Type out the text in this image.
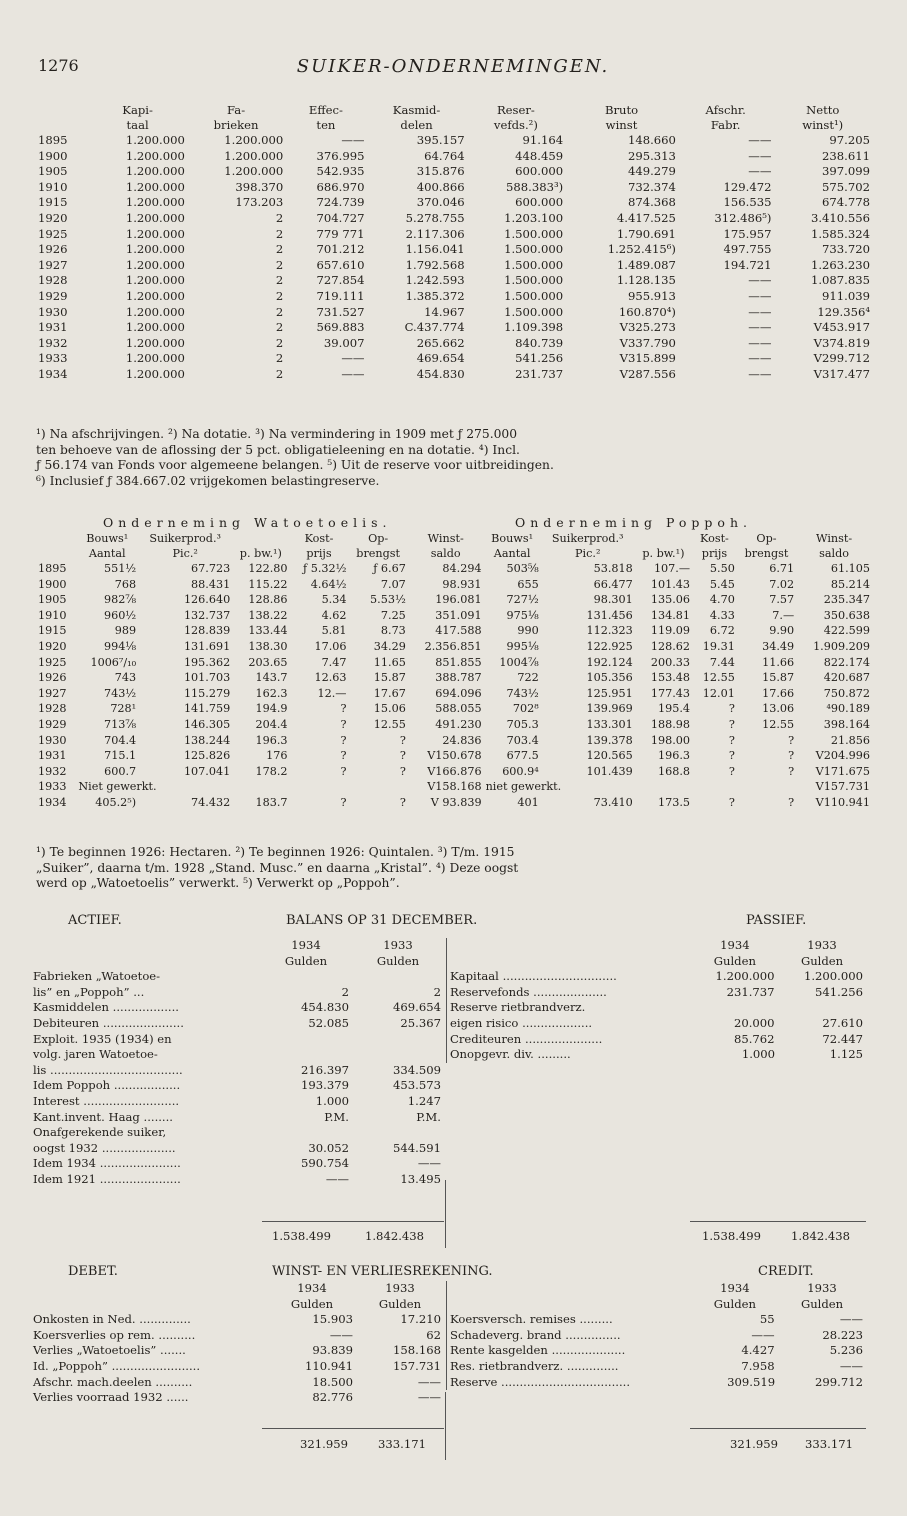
1276	SUIKER-ONDERNEMINGEN.
	Kapi-	Fa-	Effec-	Kasmid-	Reser-	Bruto	Afschr.	Netto
	taal	brieken	ten	delen	vefds.²)	winst	Fabr.	winst¹)
1895	1.200.000	1.200.000	——	395.157	91.164	148.660	——	97.205
1900	1.200.000	1.200.000	376.995	64.764	448.459	295.313	——	238.611
1905	1.200.000	1.200.000	542.935	315.876	600.000	449.279	——	397.099
1910	1.200.000	398.370	686.970	400.866	588.383³)	732.374	129.472	575.702
1915	1.200.000	173.203	724.739	370.046	600.000	874.368	156.535	674.778
1920	1.200.000	2	704.727	5.278.755	1.203.100	4.417.525	312.486⁵)	3.410.556
1925	1.200.000	2	779 771	2.117.306	1.500.000	1.790.691	175.957	1.585.324
1926	1.200.000	2	701.212	1.156.041	1.500.000	1.252.415⁶)	497.755	733.720
1927	1.200.000	2	657.610	1.792.568	1.500.000	1.489.087	194.721	1.263.230
1928	1.200.000	2	727.854	1.242.593	1.500.000	1.128.135	——	1.087.835
1929	1.200.000	2	719.111	1.385.372	1.500.000	955.913	——	911.039
1930	1.200.000	2	731.527	14.967	1.500.000	160.870⁴)	——	129.356⁴
1931	1.200.000	2	569.883	C.437.774	1.109.398	V325.273	——	V453.917
1932	1.200.000	2	39.007	265.662	840.739	V337.790	——	V374.819
1933	1.200.000	2	——	469.654	541.256	V315.899	——	V299.712
1934	1.200.000	2	——	454.830	231.737	V287.556	——	V317.477
¹) Na afschrijvingen. ²) Na dotatie. ³) Na vermindering in 1909 met ƒ 275.000
ten behoeve van de aflossing der 5 pct. obligatieleening en na dotatie. ⁴) Incl.
ƒ 56.174 van Fonds voor algemeene belangen. ⁵) Uit de reserve voor uitbreidingen.
⁶) Inclusief ƒ 384.667.02 vrijgekomen belastingreserve.
Onderneming Watoetoelis.	Onderneming Poppoh.
	Bouws¹	Suikerprod.³		Kost-	Op-	Winst-	Bouws¹	Suikerprod.³		Kost-	Op-	Winst-
	Aantal	Pic.²	p. bw.¹)	prijs	brengst	saldo	Aantal	Pic.²	p. bw.¹)	prijs	brengst	saldo
1895	551½	67.723	122.80	ƒ 5.32½	ƒ 6.67	84.294	503⅝	53.818	107.—	5.50	6.71	61.105
1900	768	88.431	115.22	4.64½	7.07	98.931	655	66.477	101.43	5.45	7.02	85.214
1905	982⅞	126.640	128.86	5.34	5.53½	196.081	727½	98.301	135.06	4.70	7.57	235.347
1910	960½	132.737	138.22	4.62	7.25	351.091	975⅛	131.456	134.81	4.33	7.—	350.638
1915	989	128.839	133.44	5.81	8.73	417.588	990	112.323	119.09	6.72	9.90	422.599
1920	994⅛	131.691	138.30	17.06	34.29	2.356.851	995⅛	122.925	128.62	19.31	34.49	1.909.209
1925	1006⁷/₁₀	195.362	203.65	7.47	11.65	851.855	1004⅞	192.124	200.33	7.44	11.66	822.174
1926	743	101.703	143.7	12.63	15.87	388.787	722	105.356	153.48	12.55	15.87	420.687
1927	743½	115.279	162.3	12.—	17.67	694.096	743½	125.951	177.43	12.01	17.66	750.872
1928	728¹	141.759	194.9	?	15.06	588.055	702⁸	139.969	195.4	?	13.06	⁴90.189
1929	713⅞	146.305	204.4	?	12.55	491.230	705.3	133.301	188.98	?	12.55	398.164
1930	704.4	138.244	196.3	?	?	24.836	703.4	139.378	198.00	?	?	21.856
1931	715.1	125.826	176	?	?	V150.678	677.5	120.565	196.3	?	?	V204.996
1932	600.7	107.041	178.2	?	?	V166.876	600.9⁴	101.439	168.8	?	?	V171.675
1933	Niet gewerkt.					V158.168	niet gewerkt.					V157.731
1934	405.2⁵)	74.432	183.7	?	?	V 93.839	401	73.410	173.5	?	?	V110.941
¹) Te beginnen 1926: Hectaren. ²) Te beginnen 1926: Quintalen. ³) T/m. 1915
„Suiker”, daarna t/m. 1928 „Stand. Musc.” en daarna „Kristal”. ⁴) Deze oogst
werd op „Watoetoelis” verwerkt. ⁵) Verwerkt op „Poppoh”.
ACTIEF.	BALANS OP 31 DECEMBER.	PASSIEF.
	1934	1933
	Gulden	Gulden
Fabrieken „Watoetoe-		
lis” en „Poppoh” ...	2	2
Kasmiddelen ..................	454.830	469.654
Debiteuren ......................	52.085	25.367
Exploit. 1935 (1934) en		
volg. jaren Watoetoe-		
lis ....................................	216.397	334.509
Idem Poppoh ..................	193.379	453.573
Interest ..........................	1.000	1.247
Kant.invent. Haag ........	P.M.	P.M.
Onafgerekende suiker,		
oogst 1932 ....................	30.052	544.591
Idem 1934 ......................	590.754	——
Idem 1921 ......................	——	13.495
	1934	1933
	Gulden	Gulden
Kapitaal ...............................	1.200.000	1.200.000
Reservefonds ....................	231.737	541.256
Reserve rietbrandverz.		
eigen risico ...................	20.000	27.610
Crediteuren .....................	85.762	72.447
Onopgevr. div. .........	1.000	1.125
1.538.499	1.842.438	1.538.499	1.842.438
DEBET.	WINST- EN VERLIESREKENING.	CREDIT.
	1934	1933
	Gulden	Gulden
Onkosten in Ned. ..............	15.903	17.210
Koersverlies op rem. ..........	——	62
Verlies „Watoetoelis” .......	93.839	158.168
Id. „Poppoh” ........................	110.941	157.731
Afschr. mach.deelen ..........	18.500	——
Verlies voorraad 1932 ......	82.776	——
	1934	1933
	Gulden	Gulden
Koersversch. remises .........	55	——
Schadeverg. brand ...............	——	28.223
Rente kasgelden ....................	4.427	5.236
Res. rietbrandverz. ..............	7.958	——
Reserve ...................................	309.519	299.712
321.959	333.171	321.959 333.171
